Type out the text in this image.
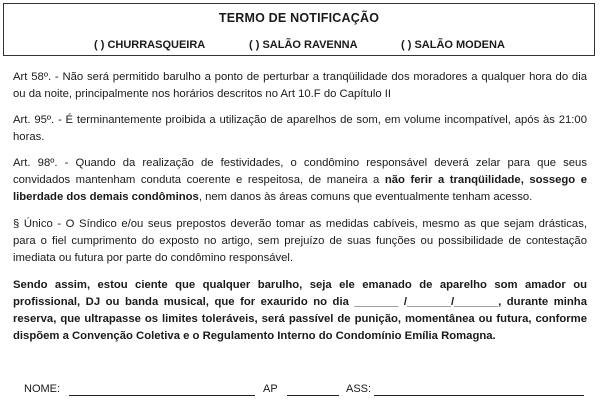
TERMO DE NOTIFICAÇÃO
( ) CHURRASQUEIRA	( ) SALÃO RAVENNA	( ) SALÃO MODENA
Art 58º. - Não será permitido barulho a ponto de perturbar a tranqüilidade dos moradores a qualquer hora do dia ou da noite, principalmente nos horários descritos no Art 10.F do Capítulo II
Art. 95º. - É terminantemente proibida a utilização de aparelhos de som, em volume incompatível, após às 21:00 horas.
Art. 98º. - Quando da realização de festividades, o condômino responsável deverá zelar para que seus convidados mantenham conduta coerente e respeitosa, de maneira a não ferir a tranqüilidade, sossego e liberdade dos demais condôminos, nem danos às áreas comuns que eventualmente tenham acesso.
§ Único - O Síndico e/ou seus prepostos deverão tomar as medidas cabíveis, mesmo as que sejam drásticas, para o fiel cumprimento do exposto no artigo, sem prejuízo de suas funções ou possibilidade de contestação imediata ou futura por parte do condômino responsável.
Sendo assim, estou ciente que qualquer barulho, seja ele emanado de aparelho som amador ou profissional, DJ ou banda musical, que for exaurido no dia _______ /_______/_______, durante minha reserva, que ultrapasse os limites toleráveis, será passível de punição, momentânea ou futura, conforme dispõem a Convenção Coletiva e o Regulamento Interno do Condomínio Emília Romagna.
NOME:	AP	ASS:
